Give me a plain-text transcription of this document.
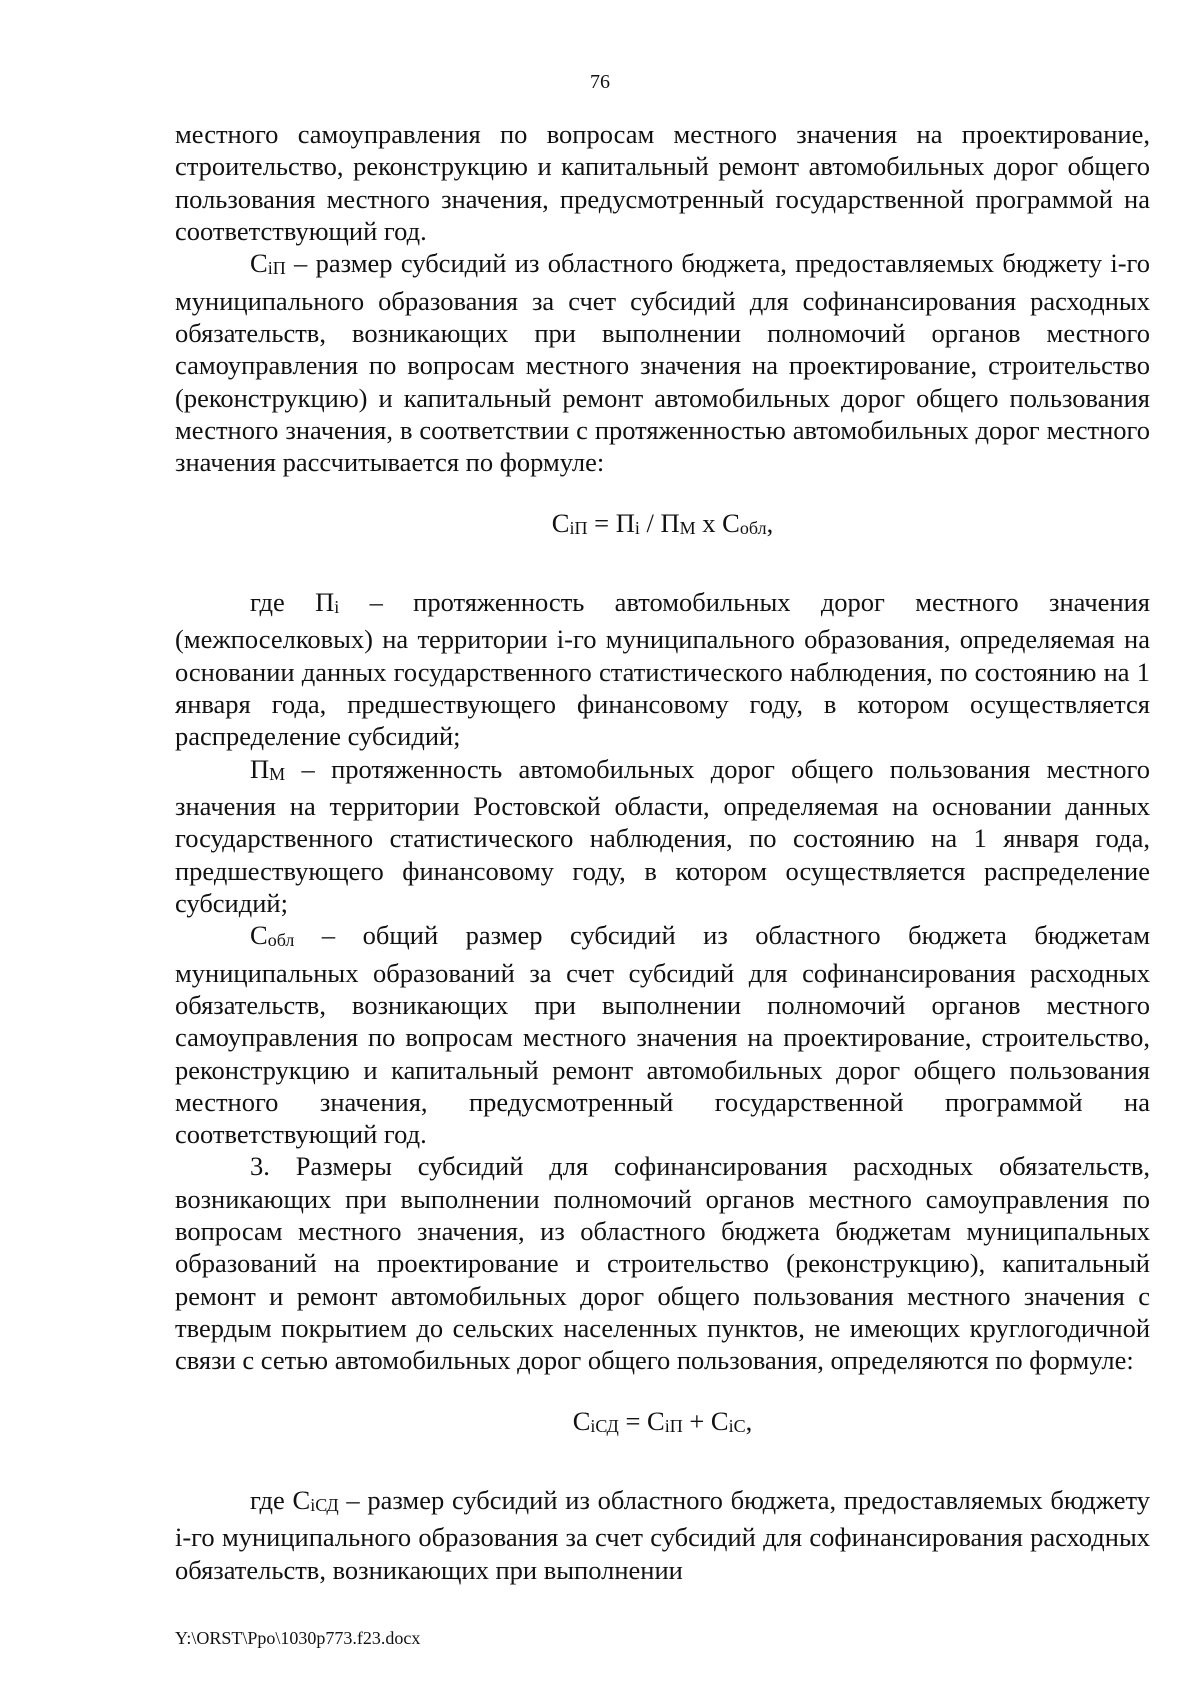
76

местного самоуправления по вопросам местного значения на проектирование, строительство, реконструкцию и капитальный ремонт автомобильных дорог общего пользования местного значения, предусмотренный государственной программой на соответствующий год.

СiП – размер субсидий из областного бюджета, предоставляемых бюджету i-го муниципального образования за счет субсидий для софинансирования расходных обязательств, возникающих при выполнении полномочий органов местного самоуправления по вопросам местного значения на проектирование, строительство (реконструкцию) и капитальный ремонт автомобильных дорог общего пользования местного значения, в соответствии с протяженностью автомобильных дорог местного значения рассчитывается по формуле:

СiП = Пi / ПМ x Собл,

где Пi – протяженность автомобильных дорог местного значения (межпоселковых) на территории i-го муниципального образования, определяемая на основании данных государственного статистического наблюдения, по состоянию на 1 января года, предшествующего финансовому году, в котором осуществляется распределение субсидий;

ПМ – протяженность автомобильных дорог общего пользования местного значения на территории Ростовской области, определяемая на основании данных государственного статистического наблюдения, по состоянию на 1 января года, предшествующего финансовому году, в котором осуществляется распределение субсидий;

Собл – общий размер субсидий из областного бюджета бюджетам муниципальных образований за счет субсидий для софинансирования расходных обязательств, возникающих при выполнении полномочий органов местного самоуправления по вопросам местного значения на проектирование, строительство, реконструкцию и капитальный ремонт автомобильных дорог общего пользования местного значения, предусмотренный государственной программой на соответствующий год.

3. Размеры субсидий для софинансирования расходных обязательств, возникающих при выполнении полномочий органов местного самоуправления по вопросам местного значения, из областного бюджета бюджетам муниципальных образований на проектирование и строительство (реконструкцию), капитальный ремонт и ремонт автомобильных дорог общего пользования местного значения с твердым покрытием до сельских населенных пунктов, не имеющих круглогодичной связи с сетью автомобильных дорог общего пользования, определяются по формуле:

СiСД = СiП + СiС,

где СiСД – размер субсидий из областного бюджета, предоставляемых бюджету i-го муниципального образования за счет субсидий для софинансирования расходных обязательств, возникающих при выполнении

Y:\ORST\Ppo\1030p773.f23.docx
